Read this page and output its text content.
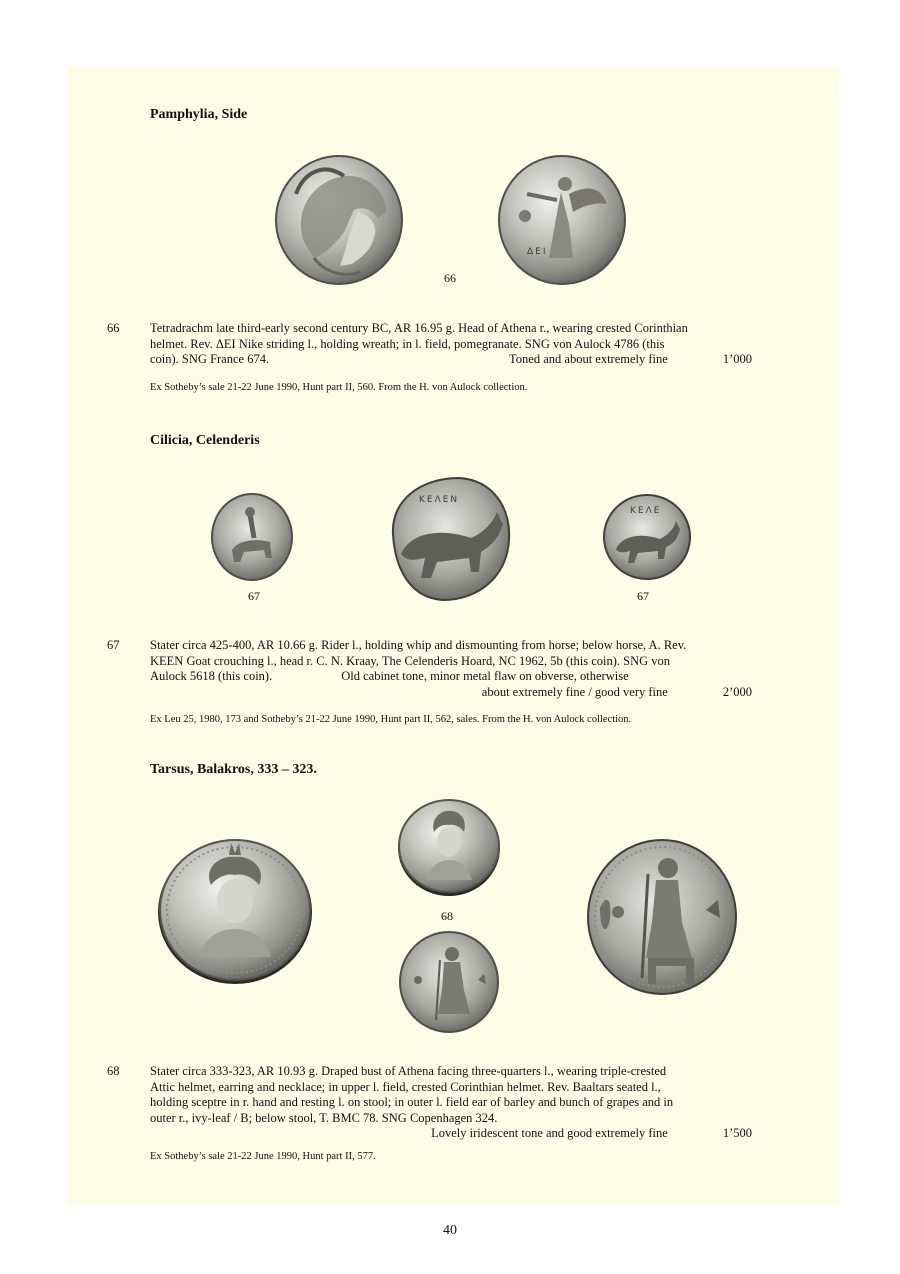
Pamphylia, Side
ΔΕΙ
66
66 Tetradrachm late third-early second century BC, AR 16.95 g. Head of Athena r., wearing crested Corinthian
helmet. Rev. ΔEI Nike striding l., holding wreath; in l. field, pomegranate. SNG von Aulock 4786 (this
coin). SNG France 674.	Toned and about extremely fine	1’000
Ex Sotheby’s sale 21-22 June 1990, Hunt part II, 560. From the H. von Aulock collection.
Cilicia, Celenderis
ΚΕΛΕΝ
ΚΕΛΕ
67	67
67 Stater circa 425-400, AR 10.66 g. Rider l., holding whip and dismounting from horse; below horse, A. Rev.
KEEN Goat crouching l., head r. C. N. Kraay, The Celenderis Hoard, NC 1962, 5b (this coin). SNG von
Aulock 5618 (this coin).	Old cabinet tone, minor metal flaw on obverse, otherwise
about extremely fine / good very fine	2’000
Ex Leu 25, 1980, 173 and Sotheby’s 21-22 June 1990, Hunt part II, 562, sales. From the H. von Aulock collection.
Tarsus, Balakros, 333 – 323.
68
68 Stater circa 333-323, AR 10.93 g. Draped bust of Athena facing three-quarters l., wearing triple-crested
Attic helmet, earring and necklace; in upper l. field, crested Corinthian helmet. Rev. Baaltars seated l.,
holding sceptre in r. hand and resting l. on stool; in outer l. field ear of barley and bunch of grapes and in
outer r., ivy-leaf / B; below stool, T. BMC 78. SNG Copenhagen 324.
Lovely iridescent tone and good extremely fine	1’500
Ex Sotheby’s sale 21-22 June 1990, Hunt part II, 577.
40
